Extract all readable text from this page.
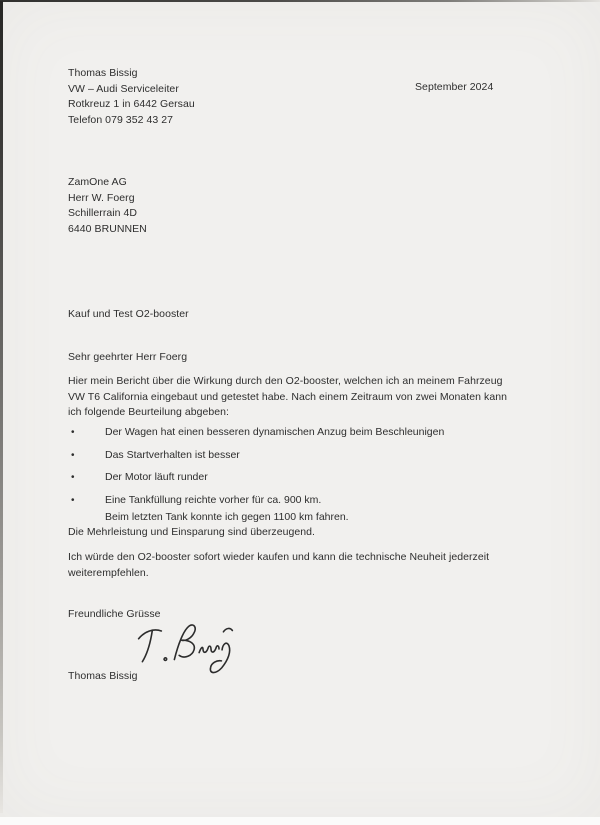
Thomas Bissig
VW – Audi Serviceleiter
Rotkreuz 1 in 6442 Gersau
Telefon 079 352 43 27
September 2024
ZamOne AG
Herr W. Foerg
Schillerrain 4D
6440 BRUNNEN
Kauf und Test O2-booster
Sehr geehrter Herr Foerg
Hier mein Bericht über die Wirkung durch den O2-booster, welchen ich an meinem Fahrzeug
VW T6 California eingebaut und getestet habe. Nach einem Zeitraum von zwei Monaten kann
ich folgende Beurteilung abgeben:
•	Der Wagen hat einen besseren dynamischen Anzug beim Beschleunigen
•	Das Startverhalten ist besser
•	Der Motor läuft runder
•	Eine Tankfüllung reichte vorher für ca. 900 km.
Beim letzten Tank konnte ich gegen 1100 km fahren.
Die Mehrleistung und Einsparung sind überzeugend.
Ich würde den O2-booster sofort wieder kaufen und kann die technische Neuheit jederzeit
weiterempfehlen.
Freundliche Grüsse
Thomas Bissig
